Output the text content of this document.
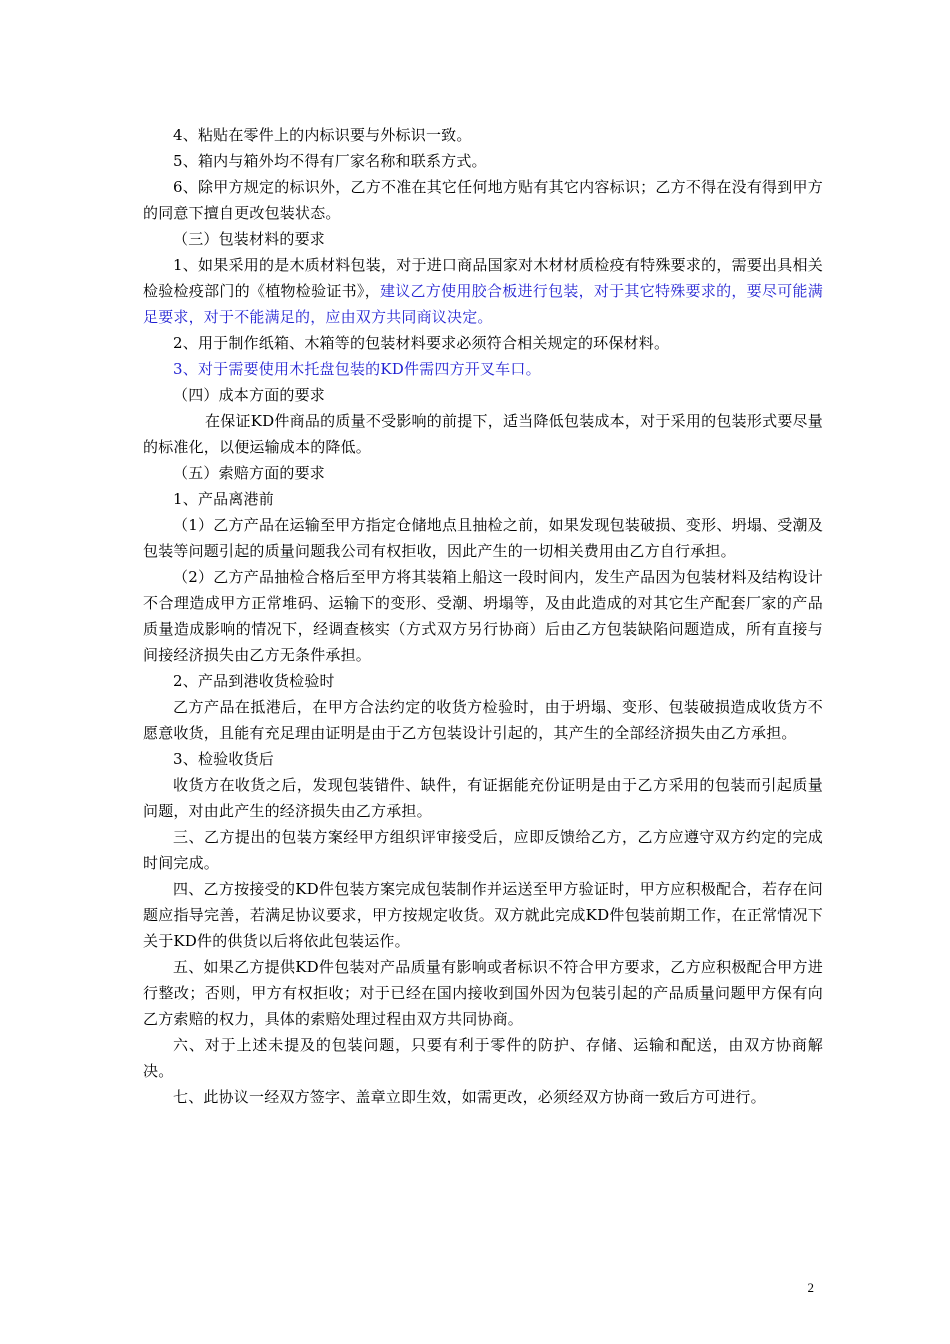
4、粘贴在零件上的内标识要与外标识一致。

5、箱内与箱外均不得有厂家名称和联系方式。

6、除甲方规定的标识外，乙方不准在其它任何地方贴有其它内容标识；乙方不得在没有得到甲方的同意下擅自更改包装状态。

（三）包装材料的要求

1、如果采用的是木质材料包装，对于进口商品国家对木材材质检疫有特殊要求的，需要出具相关检验检疫部门的《植物检验证书》，建议乙方使用胶合板进行包装，对于其它特殊要求的，要尽可能满足要求，对于不能满足的，应由双方共同商议决定。

2、用于制作纸箱、木箱等的包装材料要求必须符合相关规定的环保材料。

3、对于需要使用木托盘包装的KD件需四方开叉车口。

（四）成本方面的要求

在保证KD件商品的质量不受影响的前提下，适当降低包装成本，对于采用的包装形式要尽量的标准化，以便运输成本的降低。

（五）索赔方面的要求

1、产品离港前

（1）乙方产品在运输至甲方指定仓储地点且抽检之前，如果发现包装破损、变形、坍塌、受潮及包装等问题引起的质量问题我公司有权拒收，因此产生的一切相关费用由乙方自行承担。

（2）乙方产品抽检合格后至甲方将其装箱上船这一段时间内，发生产品因为包装材料及结构设计不合理造成甲方正常堆码、运输下的变形、受潮、坍塌等，及由此造成的对其它生产配套厂家的产品质量造成影响的情况下，经调查核实（方式双方另行协商）后由乙方包装缺陷问题造成，所有直接与间接经济损失由乙方无条件承担。

2、产品到港收货检验时

乙方产品在抵港后，在甲方合法约定的收货方检验时，由于坍塌、变形、包装破损造成收货方不愿意收货，且能有充足理由证明是由于乙方包装设计引起的，其产生的全部经济损失由乙方承担。

3、检验收货后

收货方在收货之后，发现包装错件、缺件，有证据能充份证明是由于乙方采用的包装而引起质量问题，对由此产生的经济损失由乙方承担。

三、乙方提出的包装方案经甲方组织评审接受后，应即反馈给乙方，乙方应遵守双方约定的完成时间完成。

四、乙方按接受的KD件包装方案完成包装制作并运送至甲方验证时，甲方应积极配合，若存在问题应指导完善，若满足协议要求，甲方按规定收货。双方就此完成KD件包装前期工作，在正常情况下关于KD件的供货以后将依此包装运作。

五、如果乙方提供KD件包装对产品质量有影响或者标识不符合甲方要求，乙方应积极配合甲方进行整改；否则，甲方有权拒收；对于已经在国内接收到国外因为包装引起的产品质量问题甲方保有向乙方索赔的权力，具体的索赔处理过程由双方共同协商。

六、对于上述未提及的包装问题，只要有利于零件的防护、存储、运输和配送，由双方协商解决。

七、此协议一经双方签字、盖章立即生效，如需更改，必须经双方协商一致后方可进行。

2
